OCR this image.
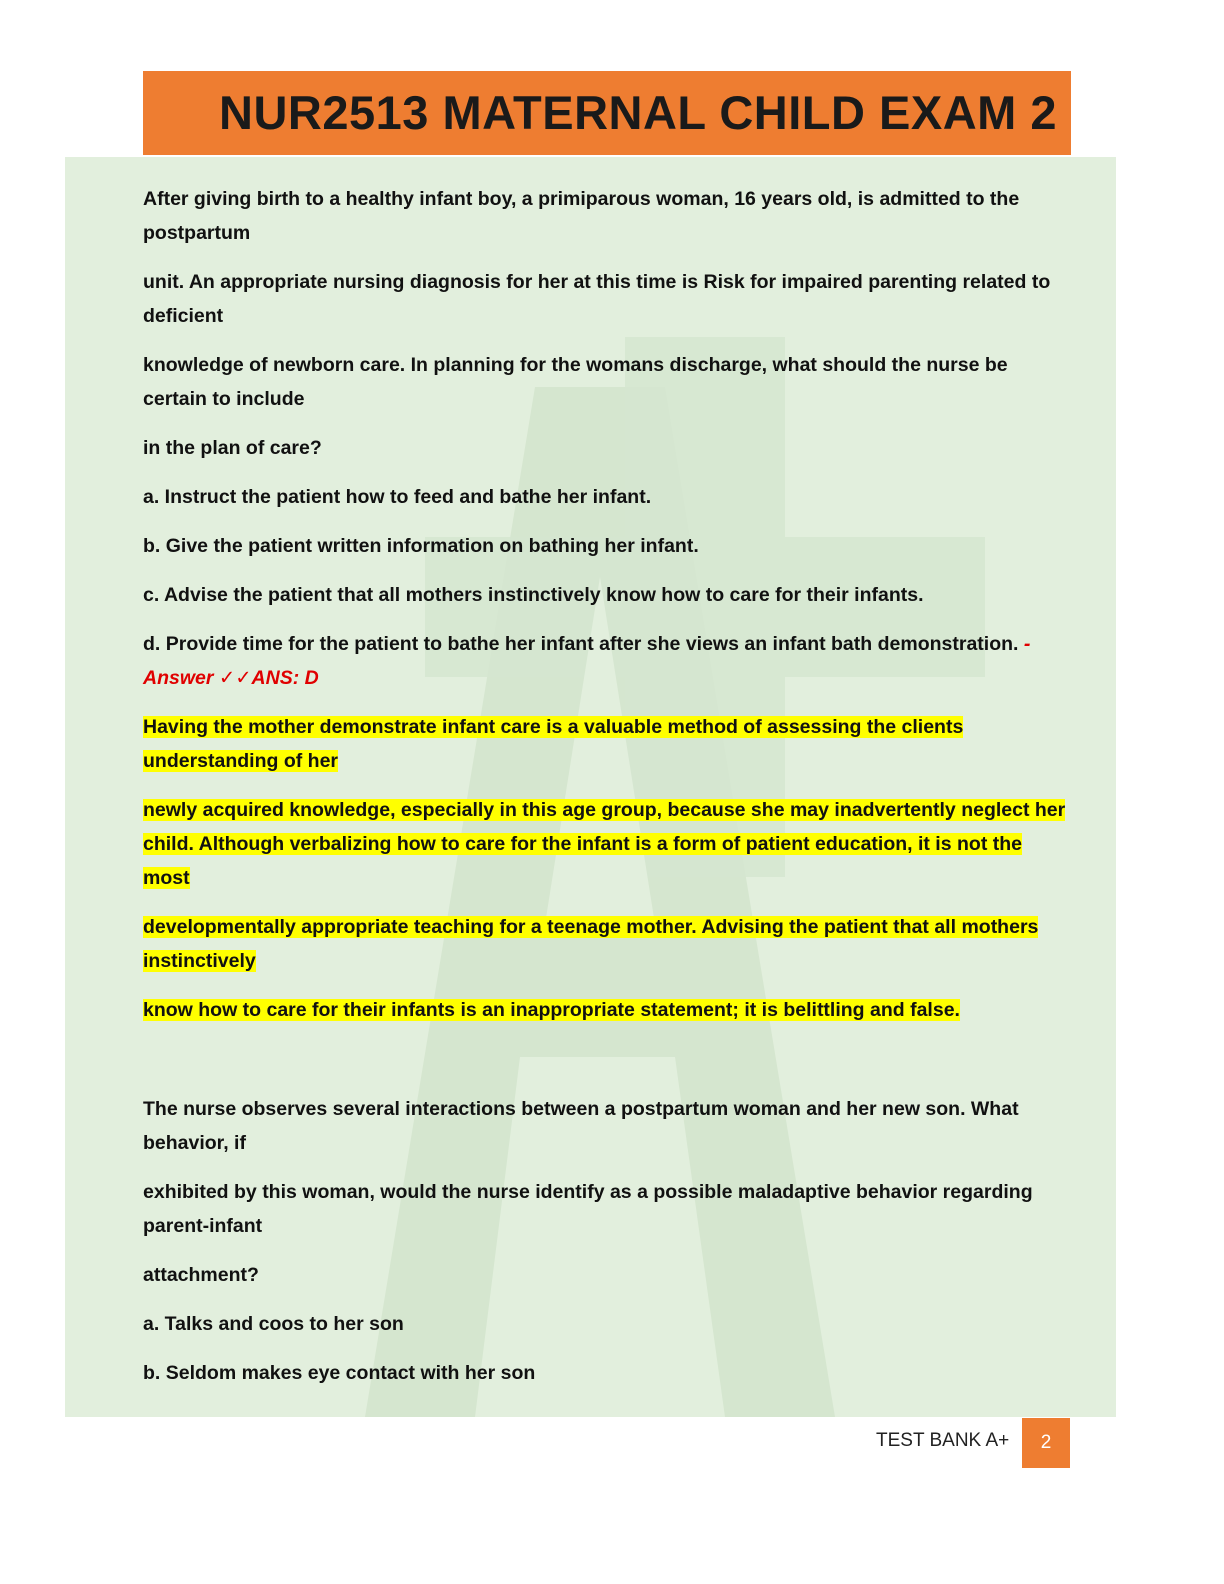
NUR2513 MATERNAL CHILD EXAM 2

After giving birth to a healthy infant boy, a primiparous woman, 16 years old, is admitted to the postpartum

unit. An appropriate nursing diagnosis for her at this time is Risk for impaired parenting related to deficient

knowledge of newborn care. In planning for the womans discharge, what should the nurse be certain to include

in the plan of care?

a. Instruct the patient how to feed and bathe her infant.

b. Give the patient written information on bathing her infant.

c. Advise the patient that all mothers instinctively know how to care for their infants.

d. Provide time for the patient to bathe her infant after she views an infant bath demonstration. - Answer ✓✓ANS: D

Having the mother demonstrate infant care is a valuable method of assessing the clients understanding of her

newly acquired knowledge, especially in this age group, because she may inadvertently neglect her child. Although verbalizing how to care for the infant is a form of patient education, it is not the most

developmentally appropriate teaching for a teenage mother. Advising the patient that all mothers instinctively

know how to care for their infants is an inappropriate statement; it is belittling and false.

The nurse observes several interactions between a postpartum woman and her new son. What behavior, if

exhibited by this woman, would the nurse identify as a possible maladaptive behavior regarding parent-infant

attachment?

a. Talks and coos to her son

b. Seldom makes eye contact with her son

TEST BANK A+	2
